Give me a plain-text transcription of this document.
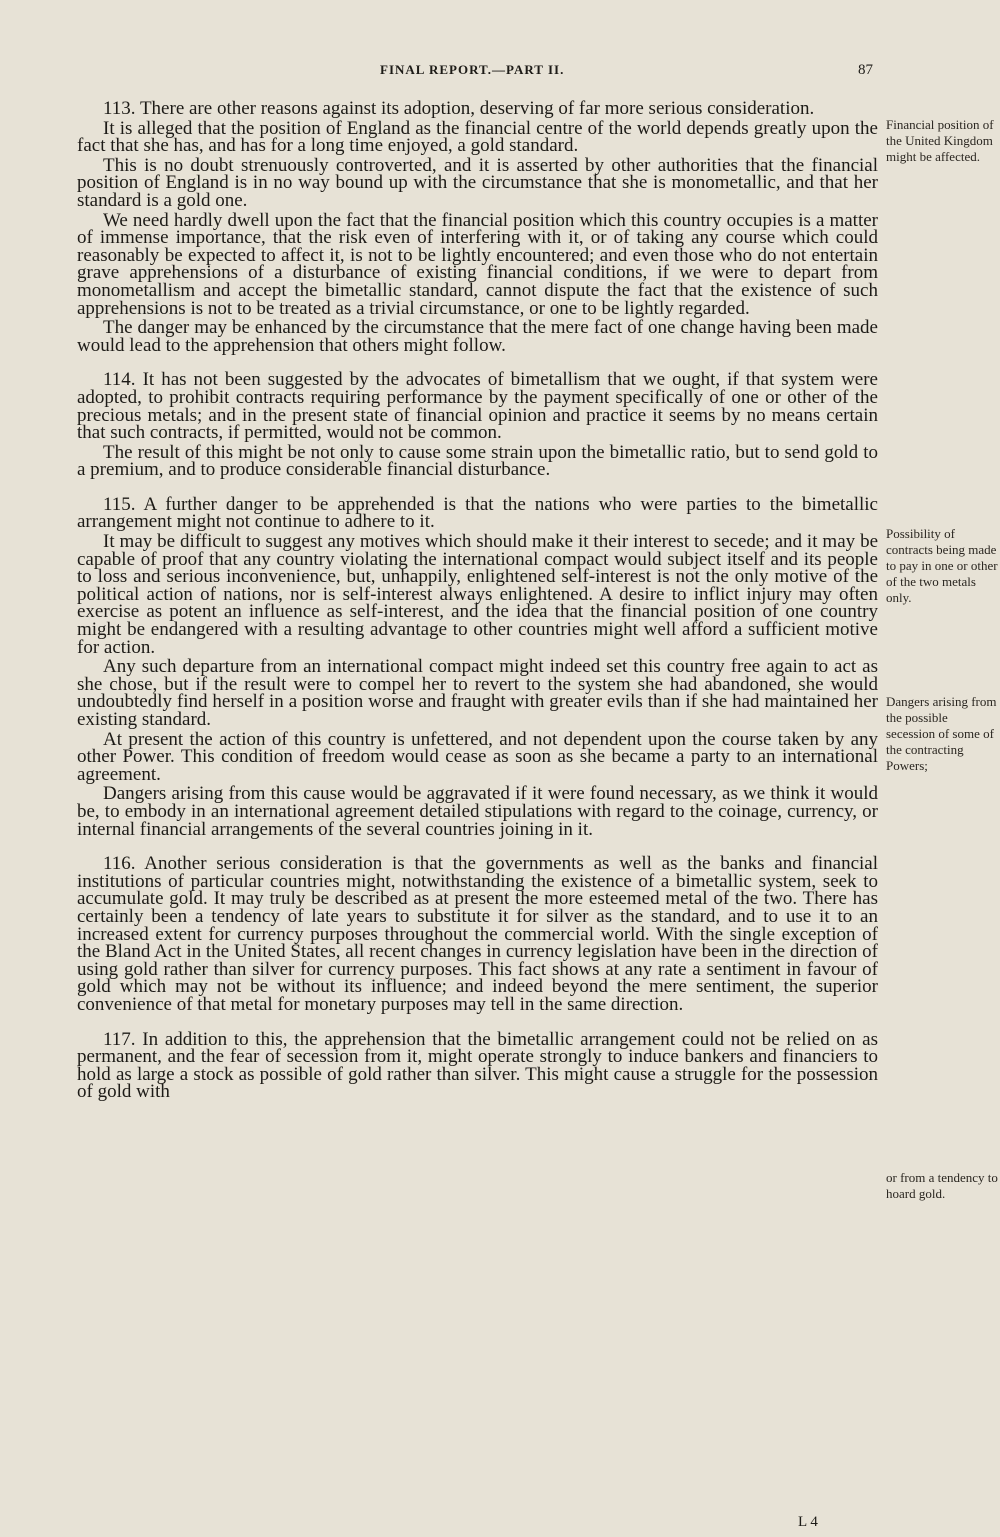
FINAL REPORT.—PART II.	87

113. There are other reasons against its adoption, deserving of far more serious consideration.

It is alleged that the position of England as the financial centre of the world depends greatly upon the fact that she has, and has for a long time enjoyed, a gold standard.

This is no doubt strenuously controverted, and it is asserted by other authorities that the financial position of England is in no way bound up with the circumstance that she is monometallic, and that her standard is a gold one.

We need hardly dwell upon the fact that the financial position which this country occupies is a matter of immense importance, that the risk even of interfering with it, or of taking any course which could reasonably be expected to affect it, is not to be lightly encountered; and even those who do not entertain grave apprehensions of a disturbance of existing financial conditions, if we were to depart from monometallism and accept the bimetallic standard, cannot dispute the fact that the existence of such apprehensions is not to be treated as a trivial circumstance, or one to be lightly regarded.

The danger may be enhanced by the circumstance that the mere fact of one change having been made would lead to the apprehension that others might follow.

114. It has not been suggested by the advocates of bimetallism that we ought, if that system were adopted, to prohibit contracts requiring performance by the payment specifically of one or other of the precious metals; and in the present state of financial opinion and practice it seems by no means certain that such contracts, if permitted, would not be common.

The result of this might be not only to cause some strain upon the bimetallic ratio, but to send gold to a premium, and to produce considerable financial disturbance.

115. A further danger to be apprehended is that the nations who were parties to the bimetallic arrangement might not continue to adhere to it.

It may be difficult to suggest any motives which should make it their interest to secede; and it may be capable of proof that any country violating the international compact would subject itself and its people to loss and serious inconvenience, but, unhappily, enlightened self-interest is not the only motive of the political action of nations, nor is self-interest always enlightened. A desire to inflict injury may often exercise as potent an influence as self-interest, and the idea that the financial position of one country might be endangered with a resulting advantage to other countries might well afford a sufficient motive for action.

Any such departure from an international compact might indeed set this country free again to act as she chose, but if the result were to compel her to revert to the system she had abandoned, she would undoubtedly find herself in a position worse and fraught with greater evils than if she had maintained her existing standard.

At present the action of this country is unfettered, and not dependent upon the course taken by any other Power. This condition of freedom would cease as soon as she became a party to an international agreement.

Dangers arising from this cause would be aggravated if it were found necessary, as we think it would be, to embody in an international agreement detailed stipulations with regard to the coinage, currency, or internal financial arrangements of the several countries joining in it.

116. Another serious consideration is that the governments as well as the banks and financial institutions of particular countries might, notwithstanding the existence of a bimetallic system, seek to accumulate gold. It may truly be described as at present the more esteemed metal of the two. There has certainly been a tendency of late years to substitute it for silver as the standard, and to use it to an increased extent for currency purposes throughout the commercial world. With the single exception of the Bland Act in the United States, all recent changes in currency legislation have been in the direction of using gold rather than silver for currency purposes. This fact shows at any rate a sentiment in favour of gold which may not be without its influence; and indeed beyond the mere sentiment, the superior convenience of that metal for monetary purposes may tell in the same direction.

117. In addition to this, the apprehension that the bimetallic arrangement could not be relied on as permanent, and the fear of secession from it, might operate strongly to induce bankers and financiers to hold as large a stock as possible of gold rather than silver. This might cause a struggle for the possession of gold with

Financial position of the United Kingdom might be affected.
Possibility of contracts being made to pay in one or other of the two metals only.
Dangers arising from the possible secession of some of the contracting Powers;
or from a tendency to hoard gold.
L 4
